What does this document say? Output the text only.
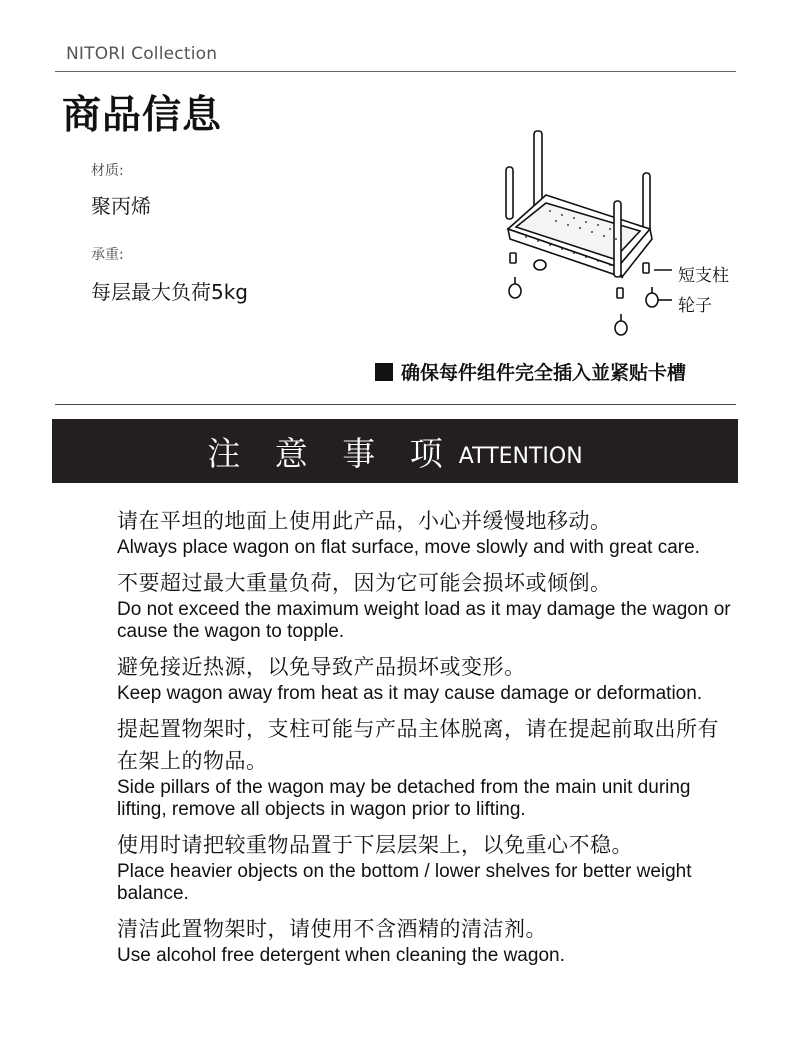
NITORI Collection
商品信息
材质:
聚丙烯
承重:
每层最大负荷5kg
短支柱
轮子
确保每件组件完全插入並紧贴卡槽
注 意 事 项 ATTENTION
请在平坦的地面上使用此产品，小心并缓慢地移动。
Always place wagon on flat surface, move slowly and with great care.
不要超过最大重量负荷，因为它可能会损坏或倾倒。
Do not exceed the maximum weight load as it may damage the wagon or cause the wagon to topple.
避免接近热源，以免导致产品损坏或变形。
Keep wagon away from heat as it may cause damage or deformation.
提起置物架时，支柱可能与产品主体脱离，请在提起前取出所有在架上的物品。
Side pillars of the wagon may be detached from the main unit during lifting, remove all objects in wagon prior to lifting.
使用时请把较重物品置于下层层架上，以免重心不稳。
Place heavier objects on the bottom / lower shelves for better weight balance.
清洁此置物架时，请使用不含酒精的清洁剂。
Use alcohol free detergent when cleaning the wagon.
